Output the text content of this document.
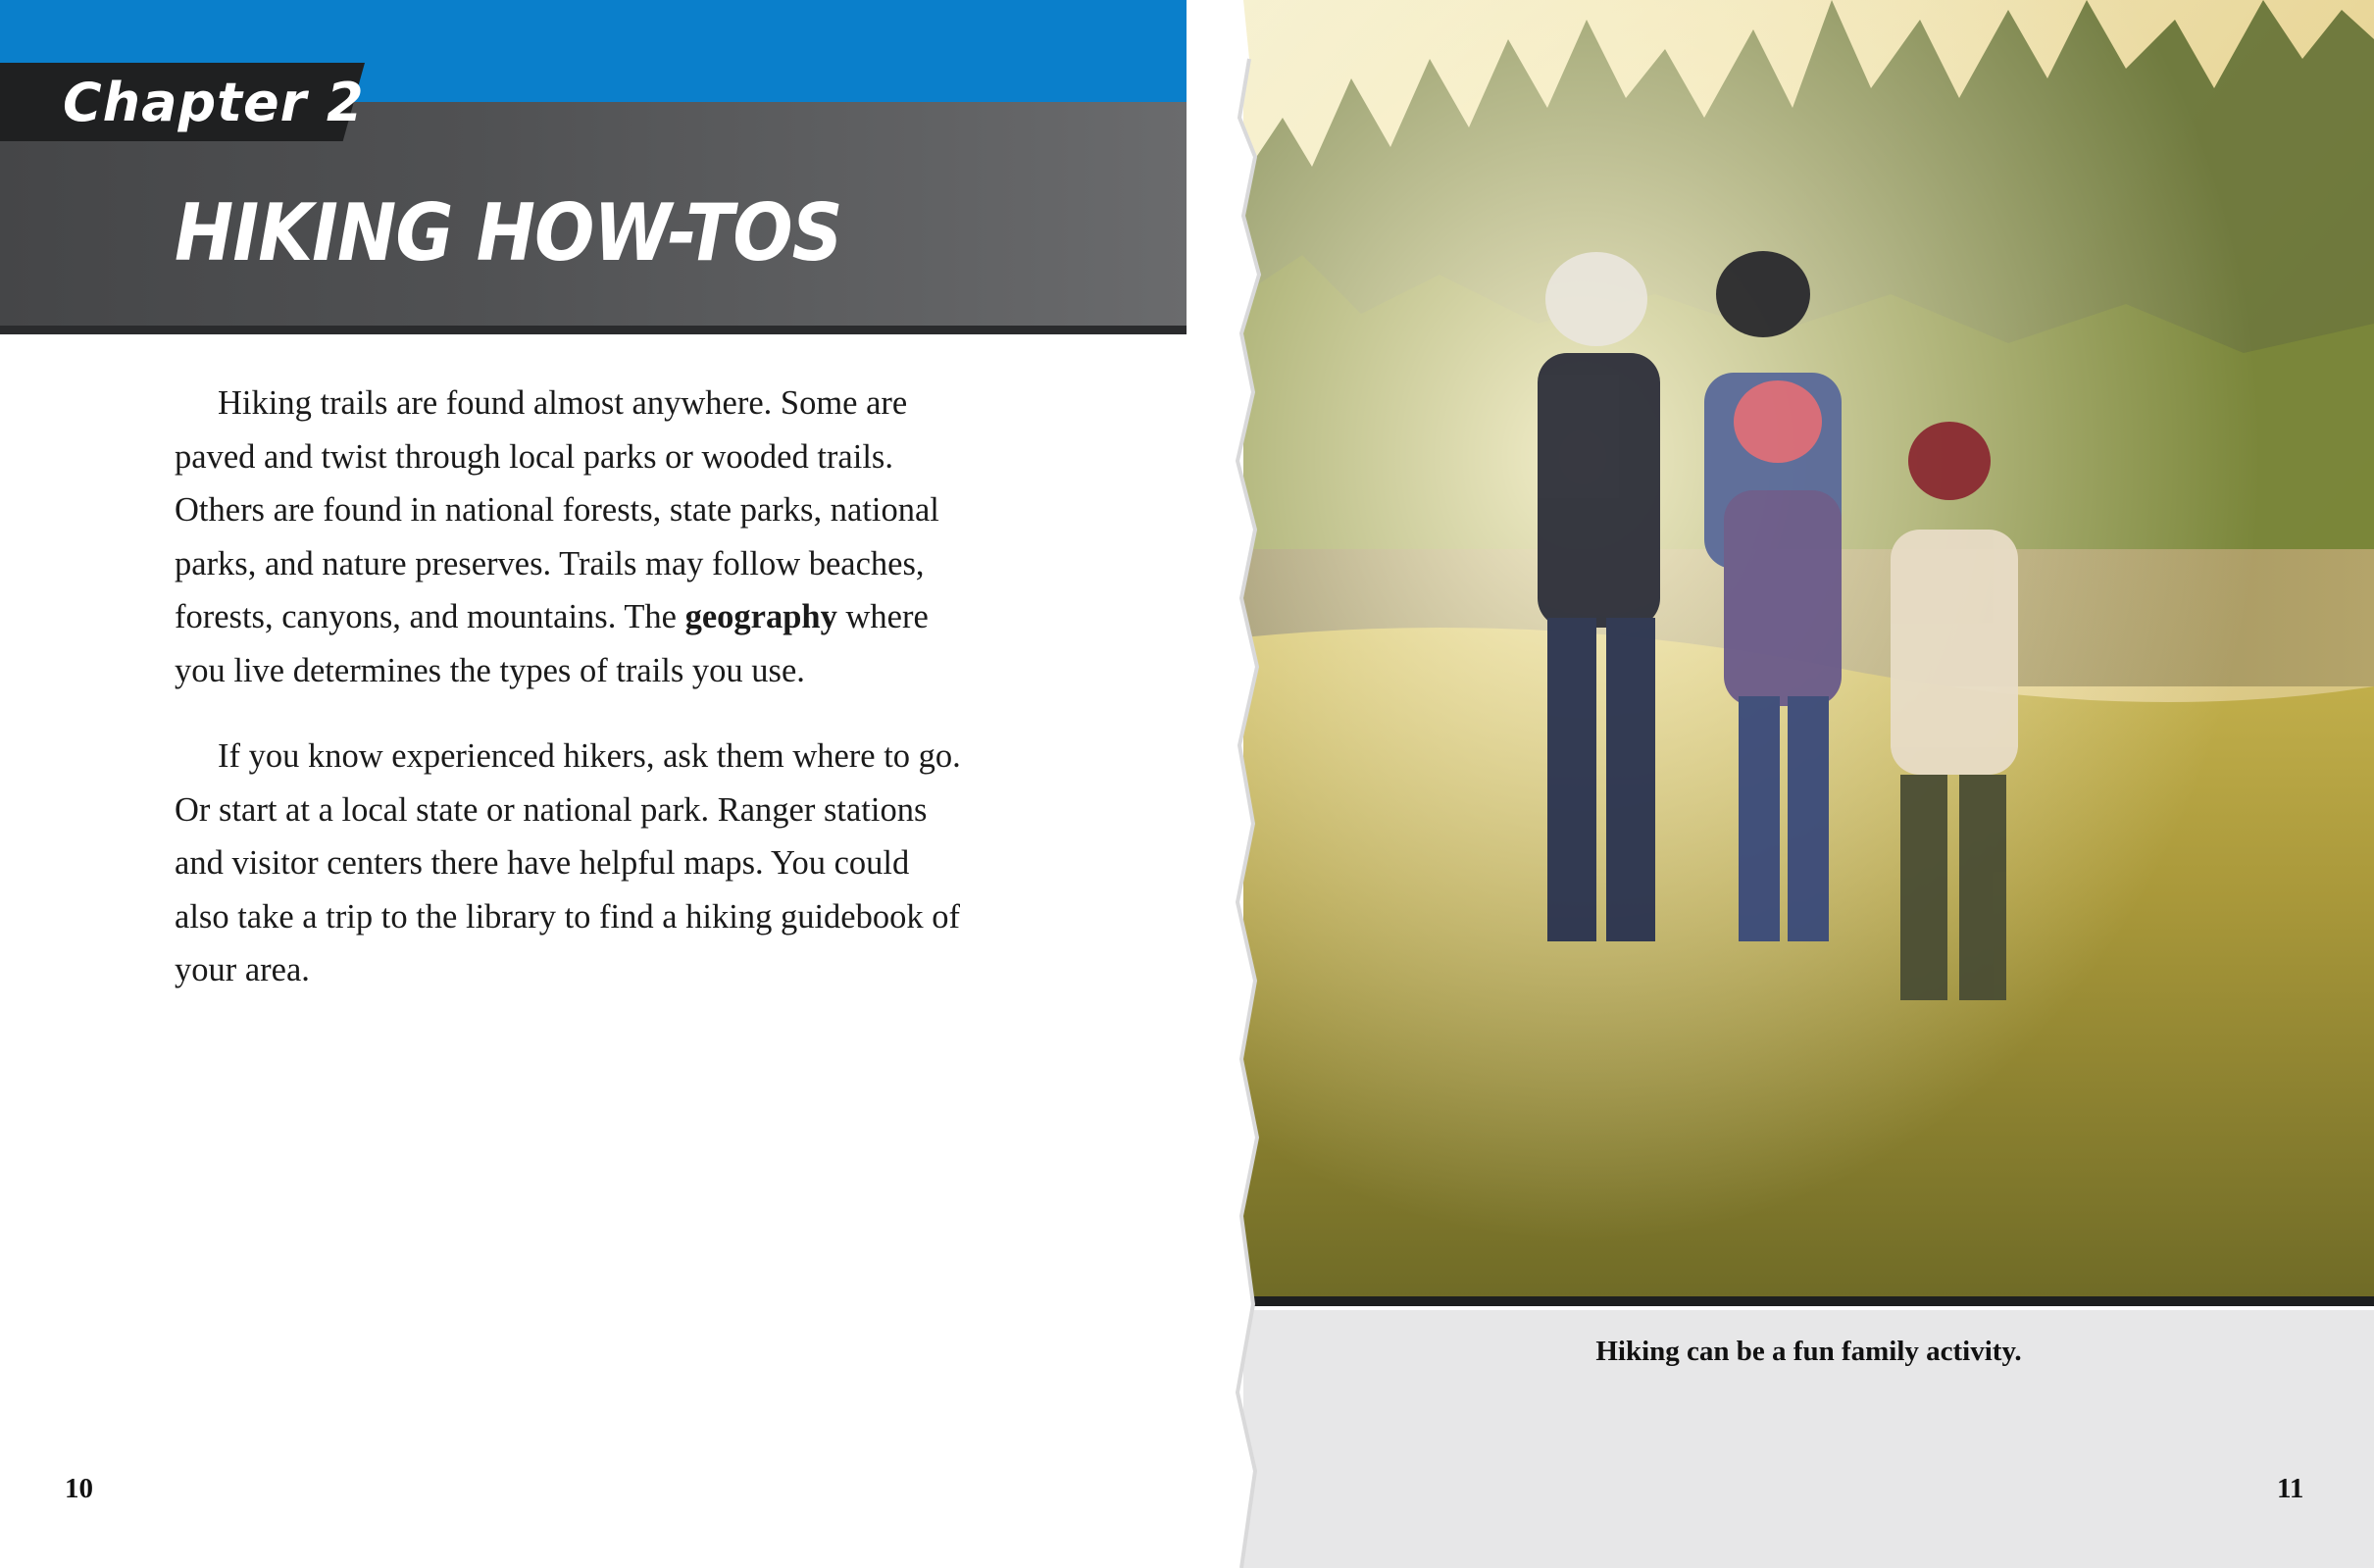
Chapter 2
HIKING HOW-TOS

Hiking trails are found almost anywhere. Some are paved and twist through local parks or wooded trails. Others are found in national forests, state parks, national parks, and nature preserves. Trails may follow beaches, forests, canyons, and mountains. The geography where you live determines the types of trails you use.

If you know experienced hikers, ask them where to go. Or start at a local state or national park. Ranger stations and visitor centers there have helpful maps. You could also take a trip to the library to find a hiking guidebook of your area.

10
Hiking can be a fun family activity.
11
